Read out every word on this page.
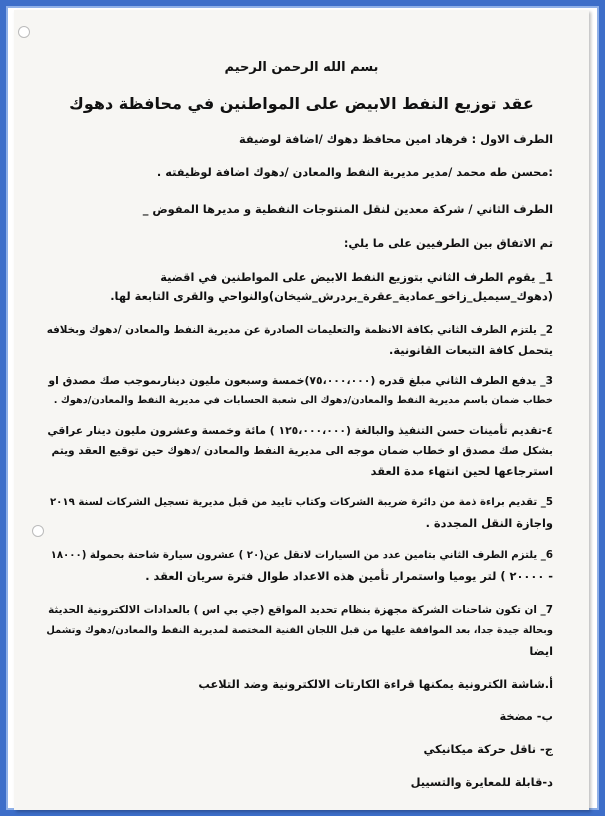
بسم الله الرحمن الرحيم
عقد توزيع النفط الابيض على المواطنين في محافظة دهوك
الطرف الاول : فرهاد امين محافظ دهوك /اضافة لوضيفة
:محسن طه محمد /مدير مديرية النفط والمعادن /دهوك اضافة لوظيفته .
الطرف الثاني / شركة معدين لنقل المنتوجات النفطية و مديرها المفوض _
تم الاتفاق بين الطرفيين على ما يلي:
1_ يقوم الطرف الثاني بتوزيع النفط الابيض على المواطنين في اقضية
(دهوك_سيميل_زاخو_عمادية_عقرة_بردرش_شيخان)والنواحي والقرى التابعة لها.
2_ يلتزم الطرف الثاني بكافة الانظمة والتعليمات الصادرة عن مديرية النفط والمعادن /دهوك وبخلافه
يتحمل كافة التبعات القانونية.
3_ يدفع الطرف الثاني مبلغ قدره (٧٥،٠٠٠،٠٠٠)خمسة وسبعون مليون دينارىموجب صك مصدق او
خطاب ضمان باسم مديرية النفط والمعادن/دهوك الى شعبة الحسابات في مديرية النفط والمعادن/دهوك .
٤-تقديم تأمينات حسن التنفيذ والبالغة (١٢٥،٠٠٠،٠٠٠ ) مائة وخمسة وعشرون مليون دينار عراقي
بشكل صك مصدق او خطاب ضمان موجه الى مديرية النفط والمعادن /دهوك حين توقيع العقد ويتم
استرجاعها لحين انتهاء مدة العقد
5_ تقديم براءة ذمة من دائرة ضريبة الشركات وكتاب تاييد من قبل مديرية تسجيل الشركات لسنة ٢٠١٩
واجازة النقل المجددة .
6_ يلتزم الطرف الثاني بتامين عدد من السيارات لانقل عن(٢٠ ) عشرون سيارة شاحنة بحمولة (١٨٠٠٠
- ٢٠٠٠٠ ) لتر يوميا واستمرار تأمين هذه الاعداد طوال فترة سريان العقد .
7_ ان تكون شاحنات الشركة مجهزة بنظام تحديد المواقع (جي بي اس ) بالعدادات الالكترونية الحديثة
وبحالة جيدة جدا، بعد الموافقة عليها من قبل اللجان الفنية المختصة لمديرية النفط والمعادن/دهوك وتشمل
ايضا
أ.شاشة الكترونية يمكنها قراءة الكارتات الالكترونية وضد التلاعب
ب- مضخة
ج- ناقل حركة ميكانيكي
د-قابلة للمعايرة والتسييل
